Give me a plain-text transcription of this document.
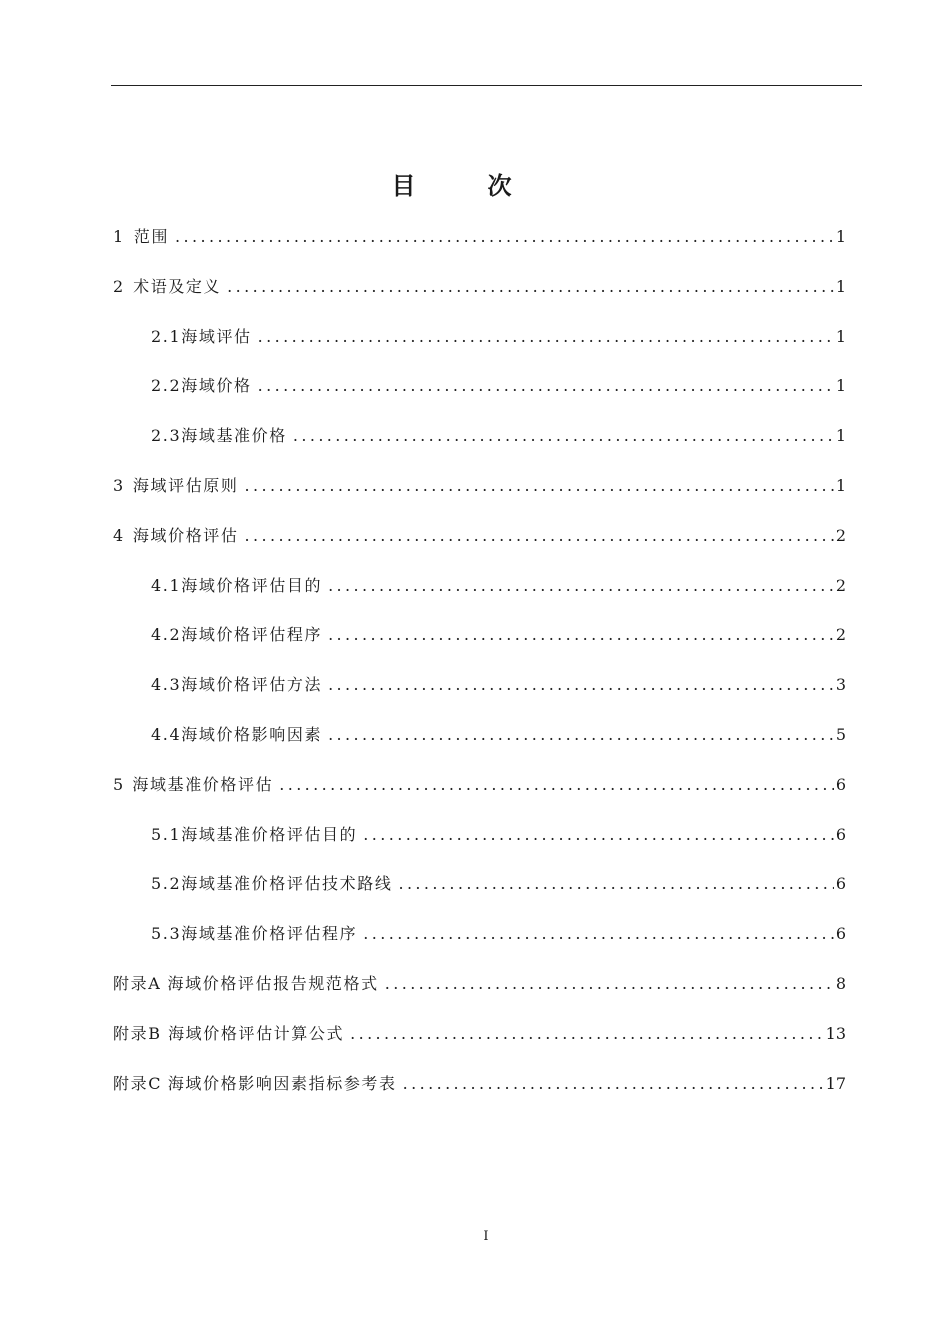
目次
1 范围 .....	1
2 术语及定义 .....	1
2.1 海域评估 .....	1
2.2 海域价格 .....	1
2.3 海域基准价格 .....	1
3 海域评估原则 .....	1
4 海域价格评估 .....	2
4.1 海域价格评估目的 .....	2
4.2 海域价格评估程序 .....	2
4.3 海域价格评估方法 .....	3
4.4 海域价格影响因素 .....	5
5 海域基准价格评估 .....	6
5.1 海域基准价格评估目的 .....	6
5.2 海域基准价格评估技术路线 .....	6
5.3 海域基准价格评估程序 .....	6
附录A 海域价格评估报告规范格式 .....	8
附录B 海域价格评估计算公式 .....	13
附录C 海域价格影响因素指标参考表 .....	17
I
